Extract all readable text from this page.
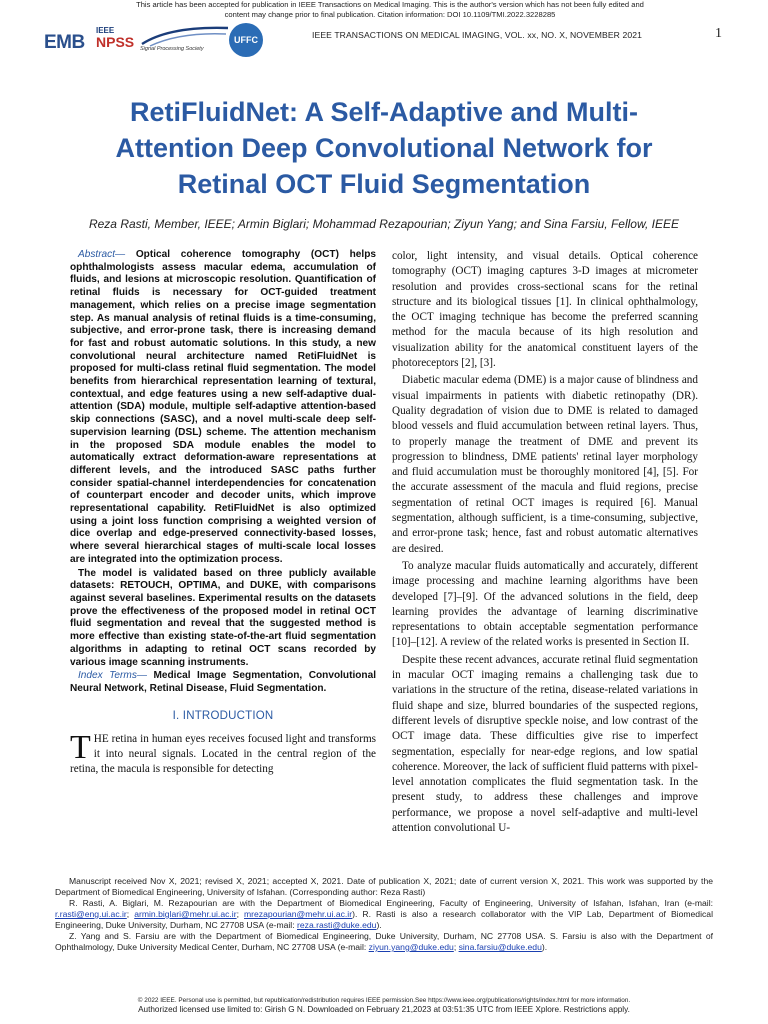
This article has been accepted for publication in IEEE Transactions on Medical Imaging. This is the author's version which has not been fully edited and
content may change prior to final publication. Citation information: DOI 10.1109/TMI.2022.3228285
EMB
IEEE
NPSS Signal Processing Society
UFFC	IEEE TRANSACTIONS ON MEDICAL IMAGING, VOL. xx, NO. X, NOVEMBER 2021	1
RetiFluidNet: A Self-Adaptive and Multi-
Attention Deep Convolutional Network for
Retinal OCT Fluid Segmentation
Reza Rasti, Member, IEEE; Armin Biglari; Mohammad Rezapourian; Ziyun Yang; and Sina Farsiu, Fellow, IEEE

Abstract— Optical coherence tomography (OCT) helps ophthalmologists assess macular edema, accumulation of fluids, and lesions at microscopic resolution. Quantification of retinal fluids is necessary for OCT-guided treatment management, which relies on a precise image segmentation step. As manual analysis of retinal fluids is a time-consuming, subjective, and error-prone task, there is increasing demand for fast and robust automatic solutions. In this study, a new convolutional neural architecture named RetiFluidNet is proposed for multi-class retinal fluid segmentation. The model benefits from hierarchical representation learning of textural, contextual, and edge features using a new self-adaptive dual-attention (SDA) module, multiple self-adaptive attention-based skip connections (SASC), and a novel multi-scale deep self-supervision learning (DSL) scheme. The attention mechanism in the proposed SDA module enables the model to automatically extract deformation-aware representations at different levels, and the introduced SASC paths further consider spatial-channel interdependencies for concatenation of counterpart encoder and decoder units, which improve representational capability. RetiFluidNet is also optimized using a joint loss function comprising a weighted version of dice overlap and edge-preserved connectivity-based losses, where several hierarchical stages of multi-scale local losses are integrated into the optimization process.

The model is validated based on three publicly available datasets: RETOUCH, OPTIMA, and DUKE, with comparisons against several baselines. Experimental results on the datasets prove the effectiveness of the proposed model in retinal OCT fluid segmentation and reveal that the suggested method is more effective than existing state-of-the-art fluid segmentation algorithms in adapting to retinal OCT scans recorded by various image scanning instruments.

Index Terms— Medical Image Segmentation, Convolutional Neural Network, Retinal Disease, Fluid Segmentation.

I. INTRODUCTION
THE retina in human eyes receives focused light and transforms it into neural signals. Located in the central region of the retina, the macula is responsible for detecting

color, light intensity, and visual details. Optical coherence tomography (OCT) imaging captures 3-D images at micrometer resolution and provides cross-sectional scans for the retinal structure and its biological tissues [1]. In clinical ophthalmology, the OCT imaging technique has become the preferred scanning method for the macula because of its high resolution and visualization ability for the anatomical constituent layers of the photoreceptors [2], [3].

Diabetic macular edema (DME) is a major cause of blindness and visual impairments in patients with diabetic retinopathy (DR). Quality degradation of vision due to DME is related to damaged blood vessels and fluid accumulation between retinal layers. Thus, to properly manage the treatment of DME and prevent its progression to blindness, DME patients' retinal layer morphology and fluid accumulation must be thoroughly monitored [4], [5]. For the accurate assessment of the macula and fluid regions, precise segmentation of retinal OCT images is required [6]. Manual segmentation, although sufficient, is a time-consuming, subjective, and error-prone task; hence, fast and robust automatic alternatives are desired.

To analyze macular fluids automatically and accurately, different image processing and machine learning algorithms have been developed [7]–[9]. Of the advanced solutions in the field, deep learning provides the advantage of learning discriminative representations to obtain acceptable segmentation performance [10]–[12]. A review of the related works is presented in Section II.

Despite these recent advances, accurate retinal fluid segmentation in macular OCT imaging remains a challenging task due to variations in the structure of the retina, disease-related variations in fluid shape and size, blurred boundaries of the suspected regions, different levels of disruptive speckle noise, and low contrast of the OCT image data. These difficulties give rise to imperfect segmentation, especially for near-edge regions, and low spatial coherence. Moreover, the lack of sufficient fluid patterns with pixel-level annotation complicates the fluid segmentation task. In the present study, to address these challenges and improve performance, we propose a novel self-adaptive and multi-level attention convolutional U-

Manuscript received Nov X, 2021; revised X, 2021; accepted X, 2021. Date of publication X, 2021; date of current version X, 2021. This work was supported by the Department of Biomedical Engineering, University of Isfahan. (Corresponding author: Reza Rasti)

R. Rasti, A. Biglari, M. Rezapourian are with the Department of Biomedical Engineering, Faculty of Engineering, University of Isfahan, Isfahan, Iran (e-mail: r.rasti@eng.ui.ac.ir; armin.biglari@mehr.ui.ac.ir; mrezapourian@mehr.ui.ac.ir). R. Rasti is also a research collaborator with the VIP Lab, Department of Biomedical Engineering, Duke University, Durham, NC 27708 USA (e-mail: reza.rasti@duke.edu).

Z. Yang and S. Farsiu are with the Department of Biomedical Engineering, Duke University, Durham, NC 27708 USA. S. Farsiu is also with the Department of Ophthalmology, Duke University Medical Center, Durham, NC 27708 USA (e-mail: ziyun.yang@duke.edu; sina.farsiu@duke.edu).

© 2022 IEEE. Personal use is permitted, but republication/redistribution requires IEEE permission.See https://www.ieee.org/publications/rights/index.html for more information.
Authorized licensed use limited to: Girish G N. Downloaded on February 21,2023 at 03:51:35 UTC from IEEE Xplore. Restrictions apply.
